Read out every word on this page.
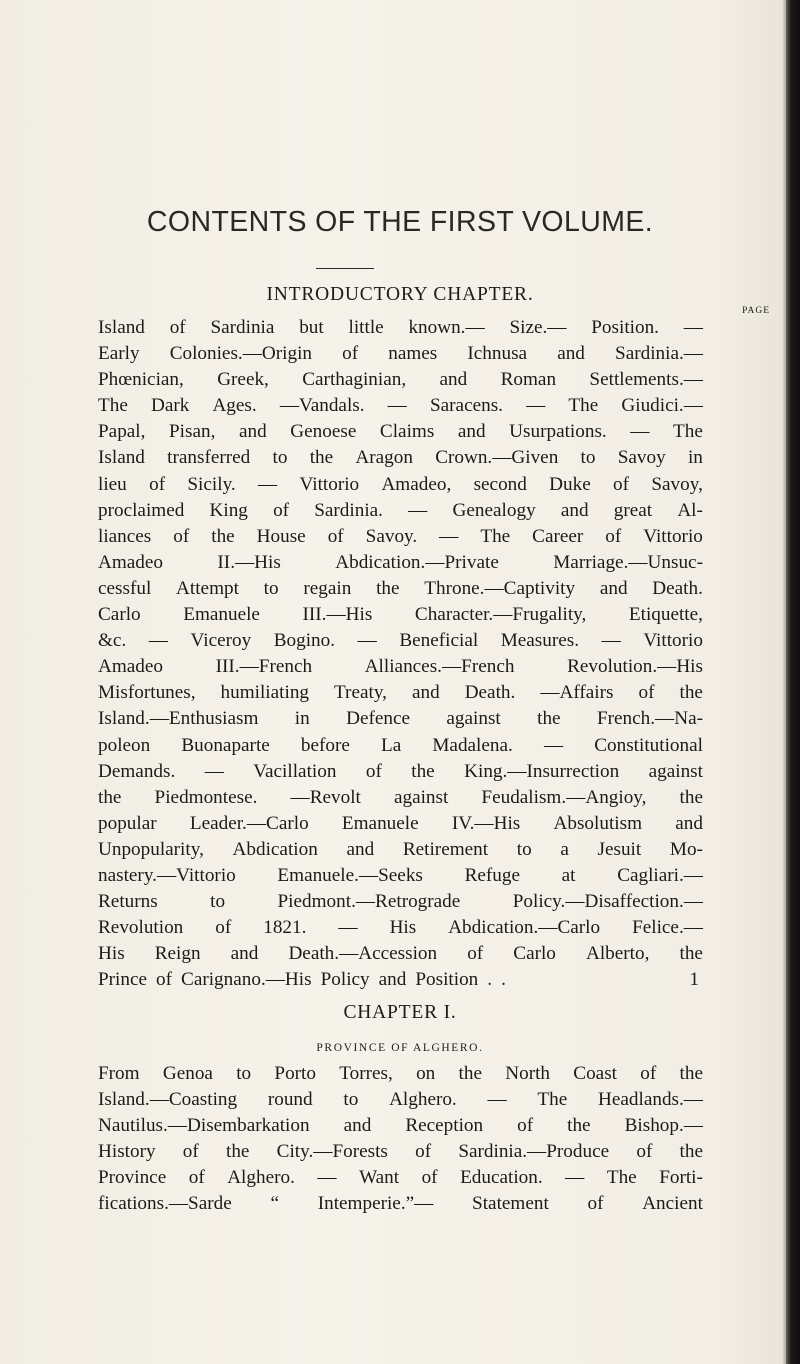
CONTENTS OF THE FIRST VOLUME.
INTRODUCTORY CHAPTER.
PAGE
Island of Sardinia but little known.— Size.— Position. —
Early Colonies.—Origin of names Ichnusa and Sardinia.—
Phœnician, Greek, Carthaginian, and Roman Settlements.—
The Dark Ages. —Vandals. — Saracens. — The Giudici.—
Papal, Pisan, and Genoese Claims and Usurpations. — The
Island transferred to the Aragon Crown.—Given to Savoy in
lieu of Sicily. — Vittorio Amadeo, second Duke of Savoy,
proclaimed King of Sardinia. — Genealogy and great Al-
liances of the House of Savoy. — The Career of Vittorio
Amadeo	II.—His	Abdication.—Private	Marriage.—Unsuc-
cessful Attempt to regain the Throne.—Captivity and Death.
Carlo Emanuele III.—His Character.—Frugality, Etiquette,
&c. — Viceroy Bogino. — Beneficial Measures. — Vittorio
Amadeo	III.—French	Alliances.—French	Revolution.—His
Misfortunes, humiliating Treaty, and Death. —Affairs of the
Island.—Enthusiasm in Defence against the French.—Na-
poleon Buonaparte before La Madalena. — Constitutional
Demands. — Vacillation of the King.—Insurrection against
the Piedmontese. —Revolt against Feudalism.—Angioy, the
popular Leader.—Carlo Emanuele IV.—His Absolutism and
Unpopularity, Abdication and Retirement to a Jesuit Mo-
nastery.—Vittorio Emanuele.—Seeks Refuge at Cagliari.—
Returns	to	Piedmont.—Retrograde	Policy.—Disaffection.—
Revolution of 1821. — His Abdication.—Carlo Felice.—
His Reign and Death.—Accession of Carlo Alberto, the
Prince of Carignano.—His Policy and Position . .	1
CHAPTER I.
PROVINCE OF ALGHERO.
From Genoa to Porto Torres, on the North Coast of the
Island.—Coasting round to Alghero. — The Headlands.—
Nautilus.—Disembarkation and Reception of the Bishop.—
History of the City.—Forests of Sardinia.—Produce of the
Province of Alghero. — Want of Education. — The Forti-
fications.—Sarde “ Intemperie.”— Statement of Ancient
